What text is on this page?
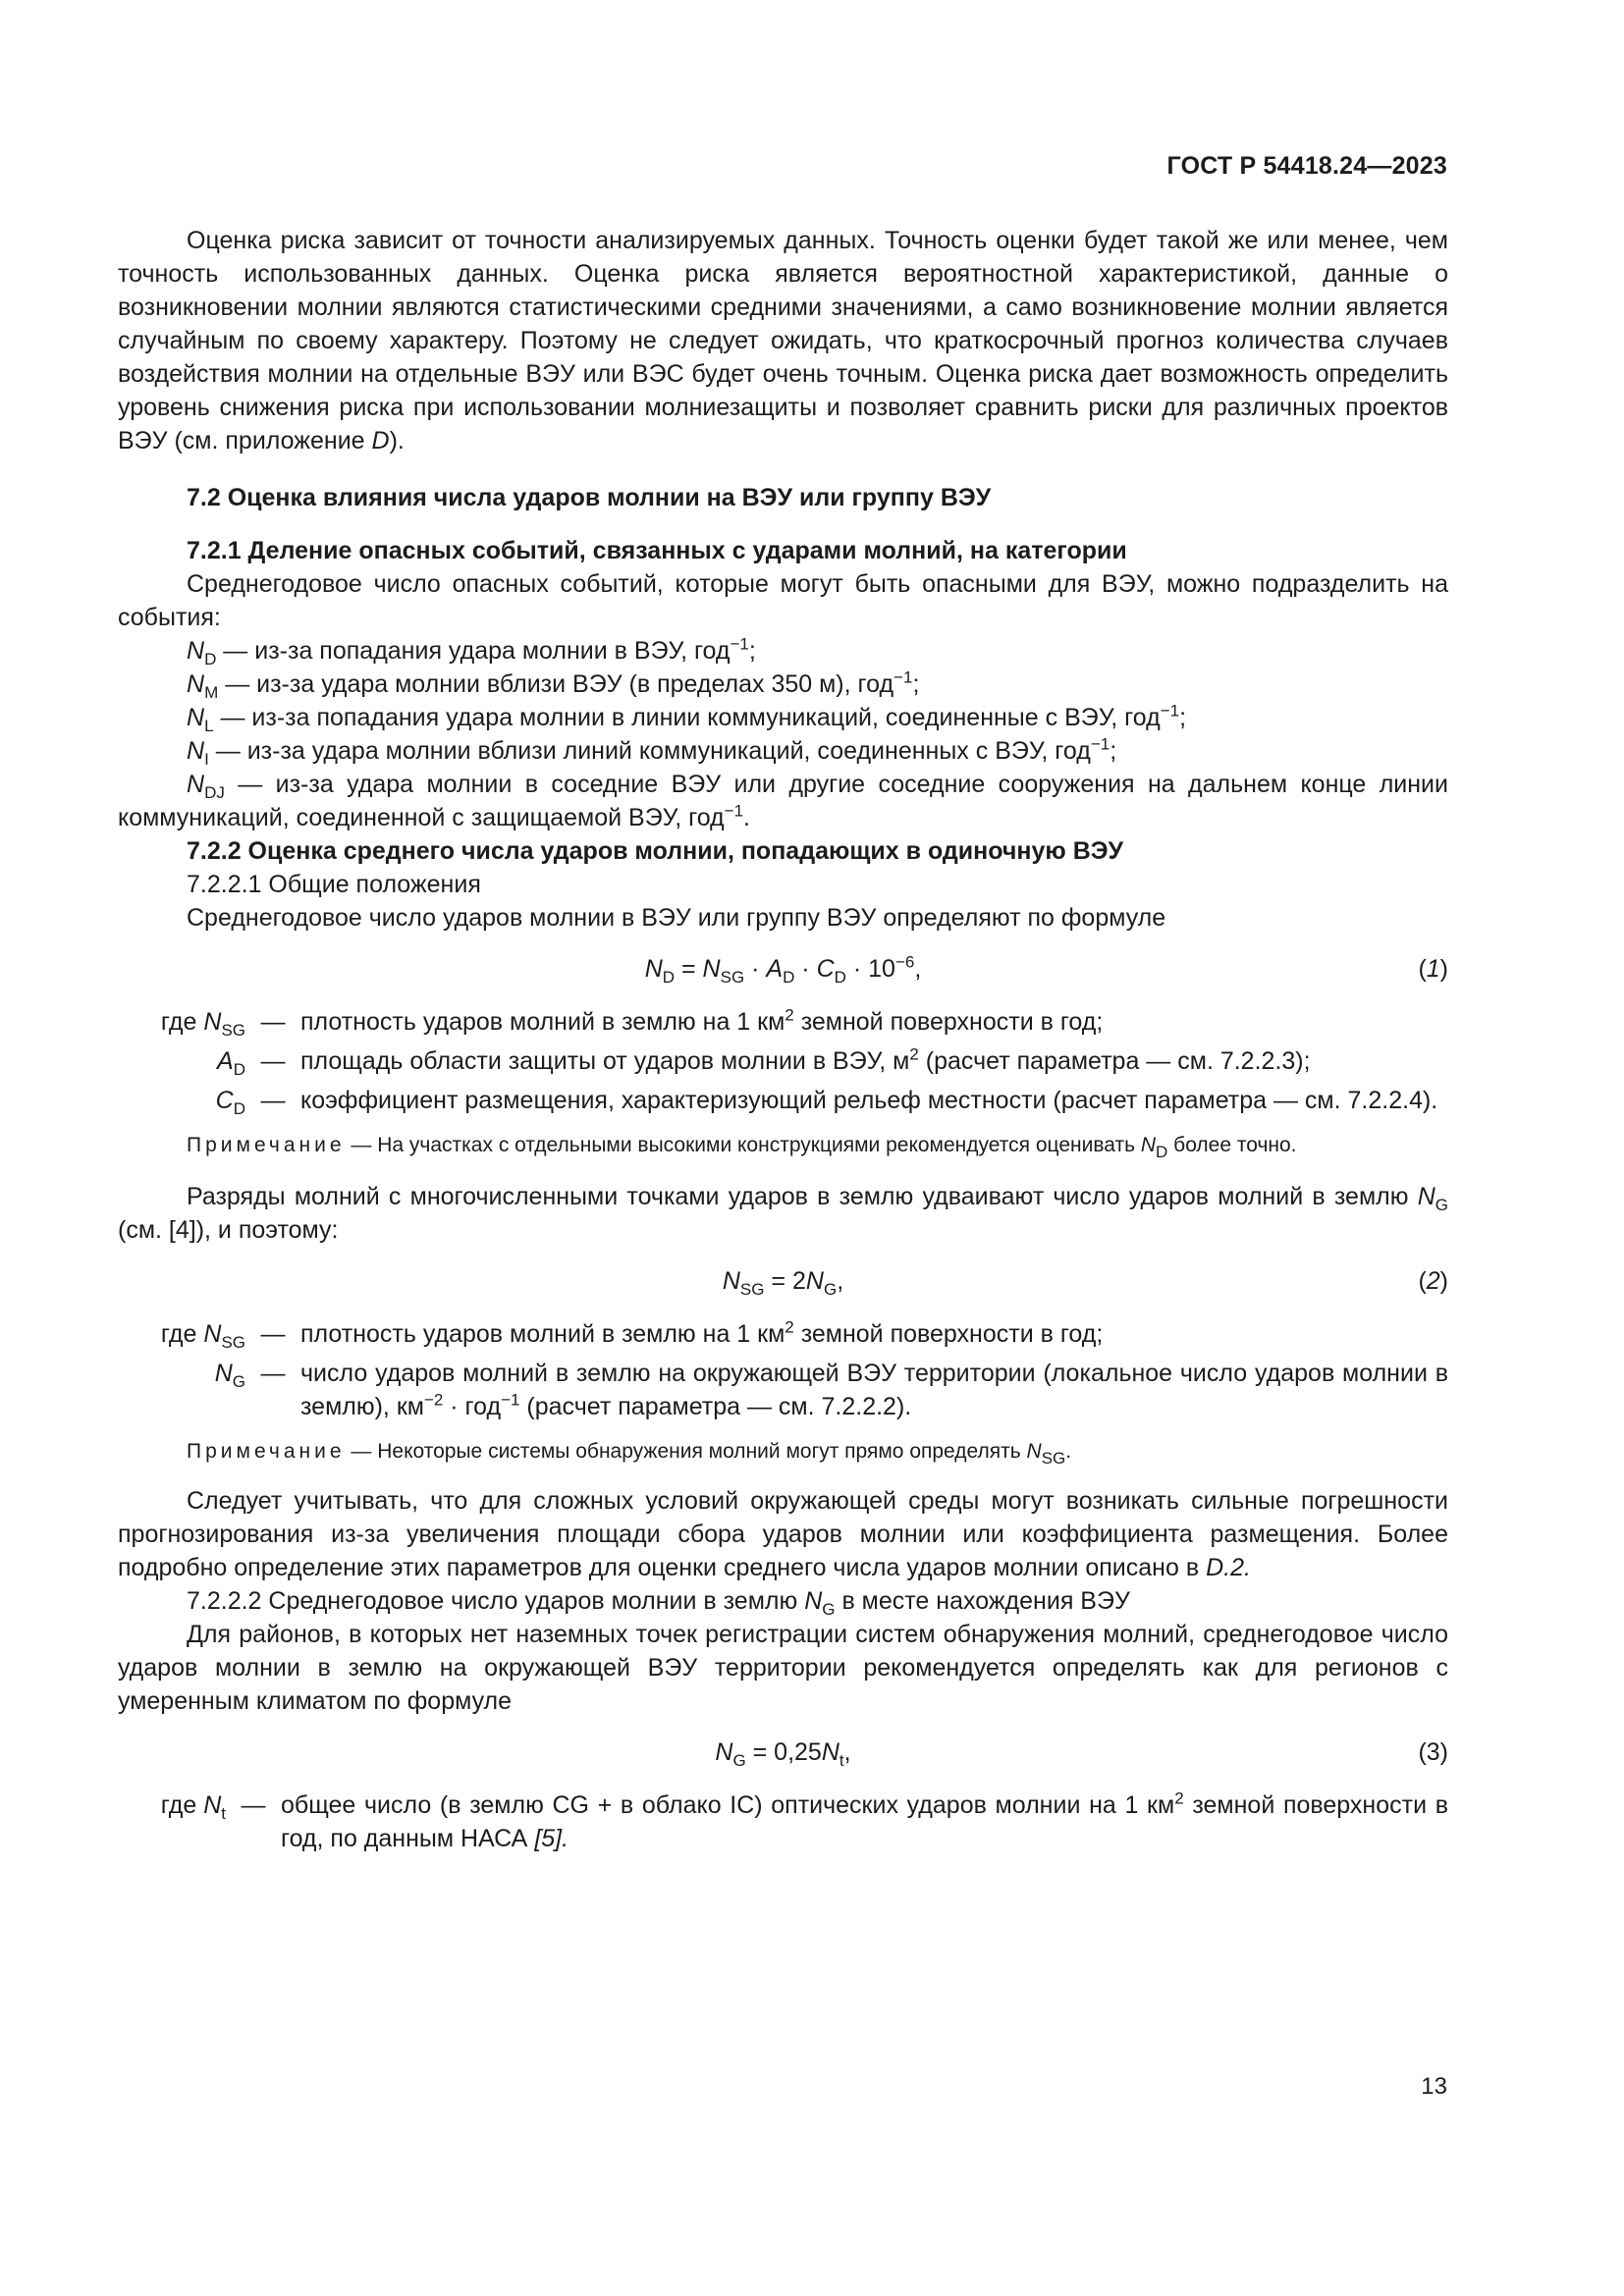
ГОСТ Р 54418.24—2023

Оценка риска зависит от точности анализируемых данных. Точность оценки будет такой же или менее, чем точность использованных данных. Оценка риска является вероятностной характеристикой, данные о возникновении молнии являются статистическими средними значениями, а само возникновение молнии является случайным по своему характеру. Поэтому не следует ожидать, что краткосрочный прогноз количества случаев воздействия молнии на отдельные ВЭУ или ВЭС будет очень точным. Оценка риска дает возможность определить уровень снижения риска при использовании молниезащиты и позволяет сравнить риски для различных проектов ВЭУ (см. приложение D).

7.2 Оценка влияния числа ударов молнии на ВЭУ или группу ВЭУ

7.2.1 Деление опасных событий, связанных с ударами молний, на категории

Среднегодовое число опасных событий, которые могут быть опасными для ВЭУ, можно подразделить на события:

$N_D$ — из-за попадания удара молнии в ВЭУ, год$^{-1}$;

$N_M$ — из-за удара молнии вблизи ВЭУ (в пределах 350 м), год$^{-1}$;

$N_L$ — из-за попадания удара молнии в линии коммуникаций, соединенные с ВЭУ, год$^{-1}$;

$N_I$ — из-за удара молнии вблизи линий коммуникаций, соединенных с ВЭУ, год$^{-1}$;

$N_{DJ}$ — из-за удара молнии в соседние ВЭУ или другие соседние сооружения на дальнем конце линии коммуникаций, соединенной с защищаемой ВЭУ, год$^{-1}$.

7.2.2 Оценка среднего числа ударов молнии, попадающих в одиночную ВЭУ

7.2.2.1 Общие положения

Среднегодовое число ударов молнии в ВЭУ или группу ВЭУ определяют по формуле

$N_D = N_{SG} \cdot A_D \cdot C_D \cdot 10^{-6}$,	(1)
где $N_{SG}$ — плотность ударов молний в землю на 1 $км^2$ земной поверхности в год;
$A_D$ — площадь области защиты от ударов молнии в ВЭУ, $м^2$ (расчет параметра — см. 7.2.2.3);
$C_D$ — коэффициент размещения, характеризующий рельеф местности (расчет параметра — см. 7.2.2.4).
Примечание — На участках с отдельными высокими конструкциями рекомендуется оценивать $N_D$ более точно.

Разряды молний с многочисленными точками ударов в землю удваивают число ударов молний в землю $N_G$ (см. [4]), и поэтому:

$N_{SG} = 2N_G$,	(2)
где $N_{SG}$ — плотность ударов молний в землю на 1 $км^2$ земной поверхности в год;
$N_G$ — число ударов молний в землю на окружающей ВЭУ территории (локальное число ударов молнии в землю), $км^{-2} \cdot год^{-1}$ (расчет параметра — см. 7.2.2.2).
Примечание — Некоторые системы обнаружения молний могут прямо определять $N_{SG}$.

Следует учитывать, что для сложных условий окружающей среды могут возникать сильные погрешности прогнозирования из-за увеличения площади сбора ударов молнии или коэффициента размещения. Более подробно определение этих параметров для оценки среднего числа ударов молнии описано в D.2.

7.2.2.2 Среднегодовое число ударов молнии в землю $N_G$ в месте нахождения ВЭУ

Для районов, в которых нет наземных точек регистрации систем обнаружения молний, среднегодовое число ударов молнии в землю на окружающей ВЭУ территории рекомендуется определять как для регионов с умеренным климатом по формуле

$N_G = 0,25N_t$,	(3)
где $N_t$ — общее число (в землю CG + в облако IC) оптических ударов молнии на 1 $км^2$ земной поверхности в год, по данным НАСА [5].
13
